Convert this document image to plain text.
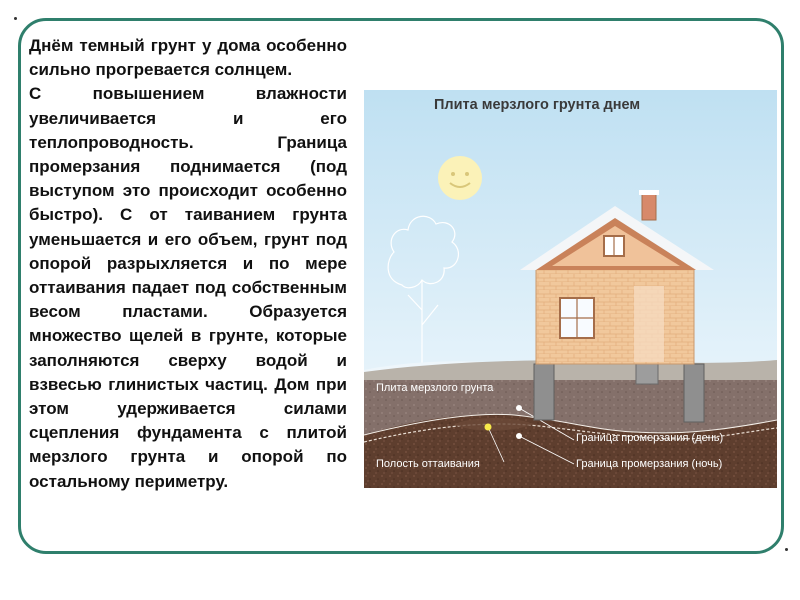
Днём темный грунт у дома особенно сильно прогревается солнцем.

С повышением влажности увеличивается и его теплопроводность. Граница промерзания поднимается (под выступом это происходит особенно быстро). С от таиванием грунта уменьшается и его объем, грунт под опорой разрыхляется и по мере оттаивания падает под собственным весом пластами. Образуется множество щелей в грунте, которые заполняются сверху водой и взвесью глинистых частиц. Дом при этом удерживается силами сцепления фундамента с плитой мерзлого грунта и опорой по остальному периметру.

Плита мерзлого грунта днем

Плита мерзлого грунта
Граница промерзания (день)
Полость оттаивания	Граница промерзания (ночь)
